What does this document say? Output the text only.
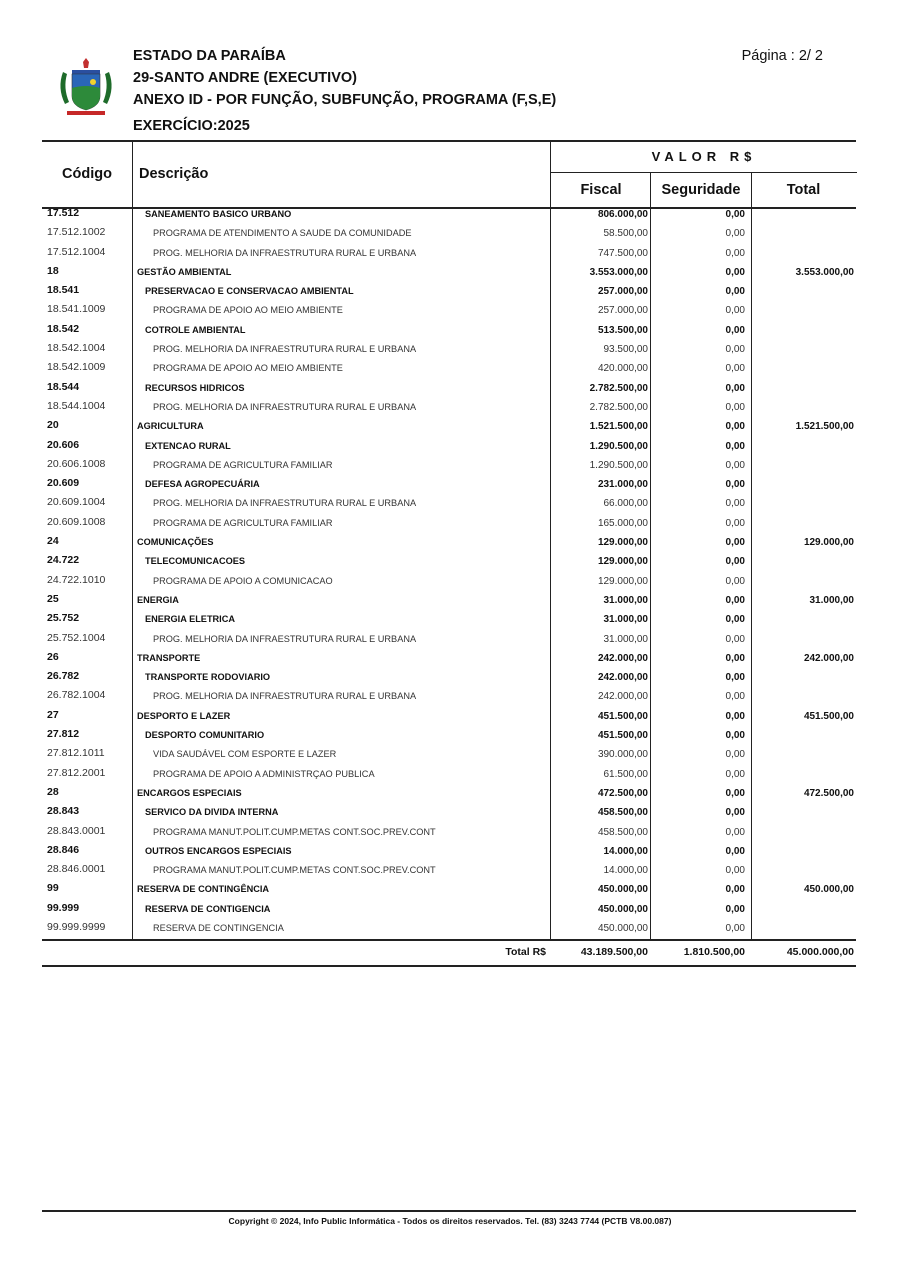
ESTADO DA PARAÍBA
29-SANTO ANDRE (EXECUTIVO)
ANEXO ID - POR FUNÇÃO, SUBFUNÇÃO, PROGRAMA (F,S,E)
EXERCÍCIO:2025
Página : 2/ 2
Código	Descrição
VALOR R$
Fiscal	Seguridade	Total
17.512	SANEAMENTO BASICO URBANO	806.000,00	0,00
17.512.1002	PROGRAMA DE ATENDIMENTO A SAUDE DA COMUNIDADE	58.500,00	0,00
17.512.1004	PROG. MELHORIA DA INFRAESTRUTURA RURAL E URBANA	747.500,00	0,00
18	GESTÃO AMBIENTAL	3.553.000,00	0,00	3.553.000,00
18.541	PRESERVACAO E CONSERVACAO AMBIENTAL	257.000,00	0,00
18.541.1009	PROGRAMA DE APOIO AO MEIO AMBIENTE	257.000,00	0,00
18.542	COTROLE AMBIENTAL	513.500,00	0,00
18.542.1004	PROG. MELHORIA DA INFRAESTRUTURA RURAL E URBANA	93.500,00	0,00
18.542.1009	PROGRAMA DE APOIO AO MEIO AMBIENTE	420.000,00	0,00
18.544	RECURSOS HIDRICOS	2.782.500,00	0,00
18.544.1004	PROG. MELHORIA DA INFRAESTRUTURA RURAL E URBANA	2.782.500,00	0,00
20	AGRICULTURA	1.521.500,00	0,00	1.521.500,00
20.606	EXTENCAO RURAL	1.290.500,00	0,00
20.606.1008	PROGRAMA DE AGRICULTURA FAMILIAR	1.290.500,00	0,00
20.609	DEFESA AGROPECUÁRIA	231.000,00	0,00
20.609.1004	PROG. MELHORIA DA INFRAESTRUTURA RURAL E URBANA	66.000,00	0,00
20.609.1008	PROGRAMA DE AGRICULTURA FAMILIAR	165.000,00	0,00
24	COMUNICAÇÕES	129.000,00	0,00	129.000,00
24.722	TELECOMUNICACOES	129.000,00	0,00
24.722.1010	PROGRAMA DE APOIO A COMUNICACAO	129.000,00	0,00
25	ENERGIA	31.000,00	0,00	31.000,00
25.752	ENERGIA ELETRICA	31.000,00	0,00
25.752.1004	PROG. MELHORIA DA INFRAESTRUTURA RURAL E URBANA	31.000,00	0,00
26	TRANSPORTE	242.000,00	0,00	242.000,00
26.782	TRANSPORTE RODOVIARIO	242.000,00	0,00
26.782.1004	PROG. MELHORIA DA INFRAESTRUTURA RURAL E URBANA	242.000,00	0,00
27	DESPORTO E LAZER	451.500,00	0,00	451.500,00
27.812	DESPORTO COMUNITARIO	451.500,00	0,00
27.812.1011	VIDA SAUDÁVEL COM ESPORTE E LAZER	390.000,00	0,00
27.812.2001	PROGRAMA DE APOIO A ADMINISTRÇAO PUBLICA	61.500,00	0,00
28	ENCARGOS ESPECIAIS	472.500,00	0,00	472.500,00
28.843	SERVICO DA DIVIDA INTERNA	458.500,00	0,00
28.843.0001	PROGRAMA MANUT.POLIT.CUMP.METAS CONT.SOC.PREV.CONT	458.500,00	0,00
28.846	OUTROS ENCARGOS ESPECIAIS	14.000,00	0,00
28.846.0001	PROGRAMA MANUT.POLIT.CUMP.METAS CONT.SOC.PREV.CONT	14.000,00	0,00
99	RESERVA DE CONTINGÊNCIA	450.000,00	0,00	450.000,00
99.999	RESERVA DE CONTIGENCIA	450.000,00	0,00
99.999.9999	RESERVA DE CONTINGENCIA	450.000,00	0,00
Total R$	43.189.500,00	1.810.500,00	45.000.000,00
Copyright © 2024, Info Public Informática - Todos os direitos reservados. Tel. (83) 3243 7744 (PCTB V8.00.087)
